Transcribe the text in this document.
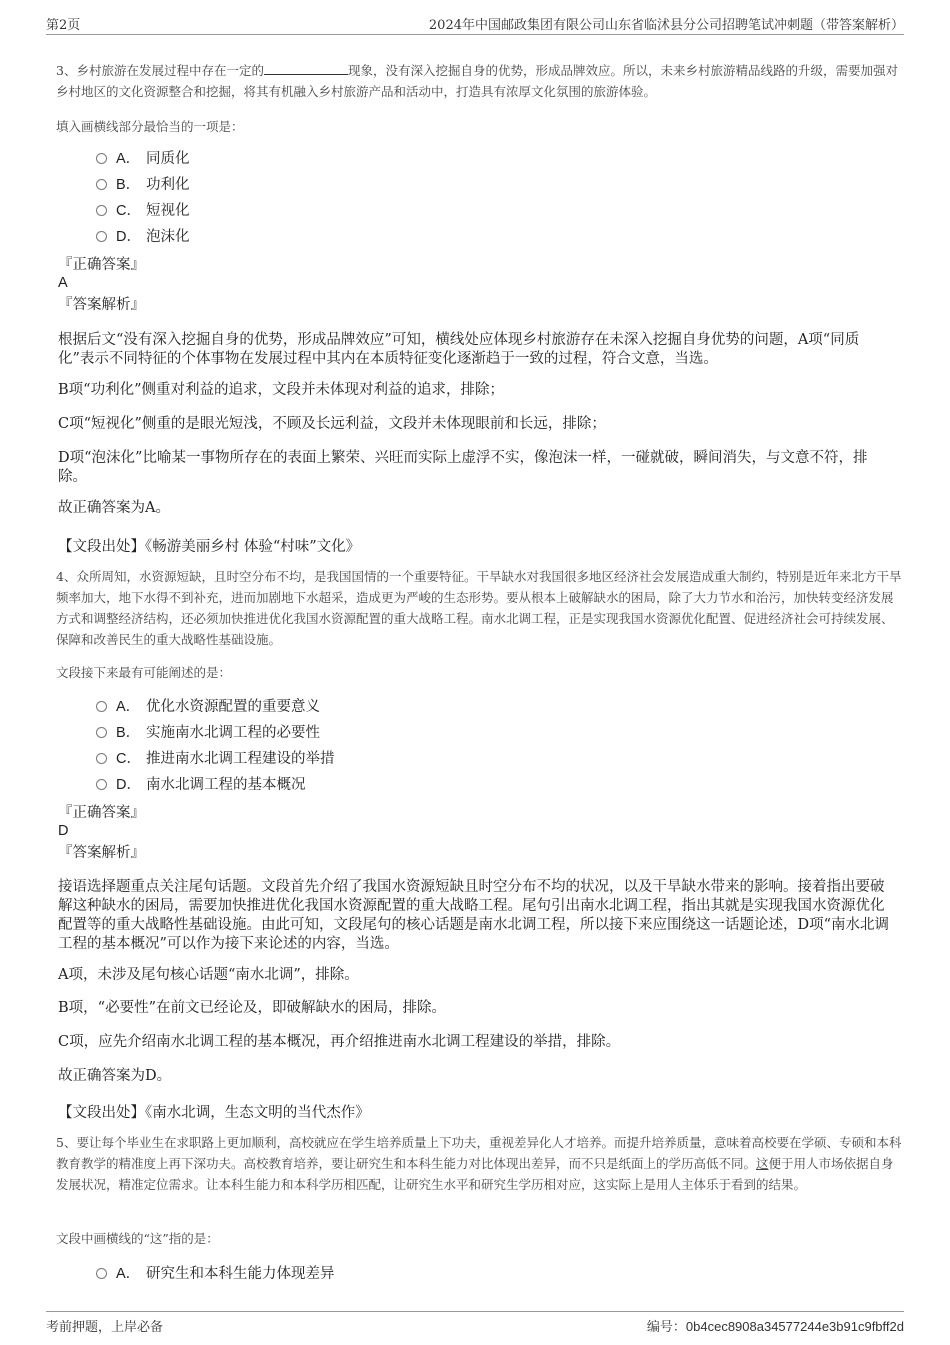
第2页	2024年中国邮政集团有限公司山东省临沭县分公司招聘笔试冲刺题（带答案解析）
3、乡村旅游在发展过程中存在一定的	现象，没有深入挖掘自身的优势，形成品牌效应。所以，未来乡村旅游精品线路的升级，需要加强对乡村地区的文化资源整合和挖掘，将其有机融入乡村旅游产品和活动中，打造具有浓厚文化氛围的旅游体验。
填入画横线部分最恰当的一项是：
A． 同质化
B． 功利化
C． 短视化
D． 泡沫化
『正确答案』
A
『答案解析』
根据后文“没有深入挖掘自身的优势，形成品牌效应”可知，横线处应体现乡村旅游存在未深入挖掘自身优势的问题，A项“同质化”表示不同特征的个体事物在发展过程中其内在本质特征变化逐渐趋于一致的过程，符合文意，当选。
B项“功利化”侧重对利益的追求，文段并未体现对利益的追求，排除；
C项“短视化”侧重的是眼光短浅，不顾及长远利益，文段并未体现眼前和长远，排除；
D项“泡沫化”比喻某一事物所存在的表面上繁荣、兴旺而实际上虚浮不实，像泡沫一样，一碰就破，瞬间消失，与文意不符，排除。
故正确答案为A。
【文段出处】《畅游美丽乡村 体验“村味”文化》
4、众所周知，水资源短缺，且时空分布不均，是我国国情的一个重要特征。干旱缺水对我国很多地区经济社会发展造成重大制约，特别是近年来北方干旱频率加大，地下水得不到补充，进而加剧地下水超采，造成更为严峻的生态形势。要从根本上破解缺水的困局，除了大力节水和治污，加快转变经济发展方式和调整经济结构，还必须加快推进优化我国水资源配置的重大战略工程。南水北调工程，正是实现我国水资源优化配置、促进经济社会可持续发展、保障和改善民生的重大战略性基础设施。
文段接下来最有可能阐述的是：
A． 优化水资源配置的重要意义
B． 实施南水北调工程的必要性
C． 推进南水北调工程建设的举措
D． 南水北调工程的基本概况
『正确答案』
D
『答案解析』
接语选择题重点关注尾句话题。文段首先介绍了我国水资源短缺且时空分布不均的状况，以及干旱缺水带来的影响。接着指出要破解这种缺水的困局，需要加快推进优化我国水资源配置的重大战略工程。尾句引出南水北调工程，指出其就是实现我国水资源优化配置等的重大战略性基础设施。由此可知，文段尾句的核心话题是南水北调工程，所以接下来应围绕这一话题论述，D项“南水北调工程的基本概况”可以作为接下来论述的内容，当选。
A项，未涉及尾句核心话题“南水北调”，排除。
B项，“必要性”在前文已经论及，即破解缺水的困局，排除。
C项，应先介绍南水北调工程的基本概况，再介绍推进南水北调工程建设的举措，排除。
故正确答案为D。
【文段出处】《南水北调，生态文明的当代杰作》
5、要让每个毕业生在求职路上更加顺利，高校就应在学生培养质量上下功夫，重视差异化人才培养。而提升培养质量，意味着高校要在学硕、专硕和本科教育教学的精准度上再下深功夫。高校教育培养，要让研究生和本科生能力对比体现出差异，而不只是纸面上的学历高低不同。这便于用人市场依据自身发展状况，精准定位需求。让本科生能力和本科学历相匹配，让研究生水平和研究生学历相对应，这实际上是用人主体乐于看到的结果。
文段中画横线的“这”指的是：
A． 研究生和本科生能力体现差异
考前押题，上岸必备	编号：0b4cec8908a34577244e3b91c9fbff2d
